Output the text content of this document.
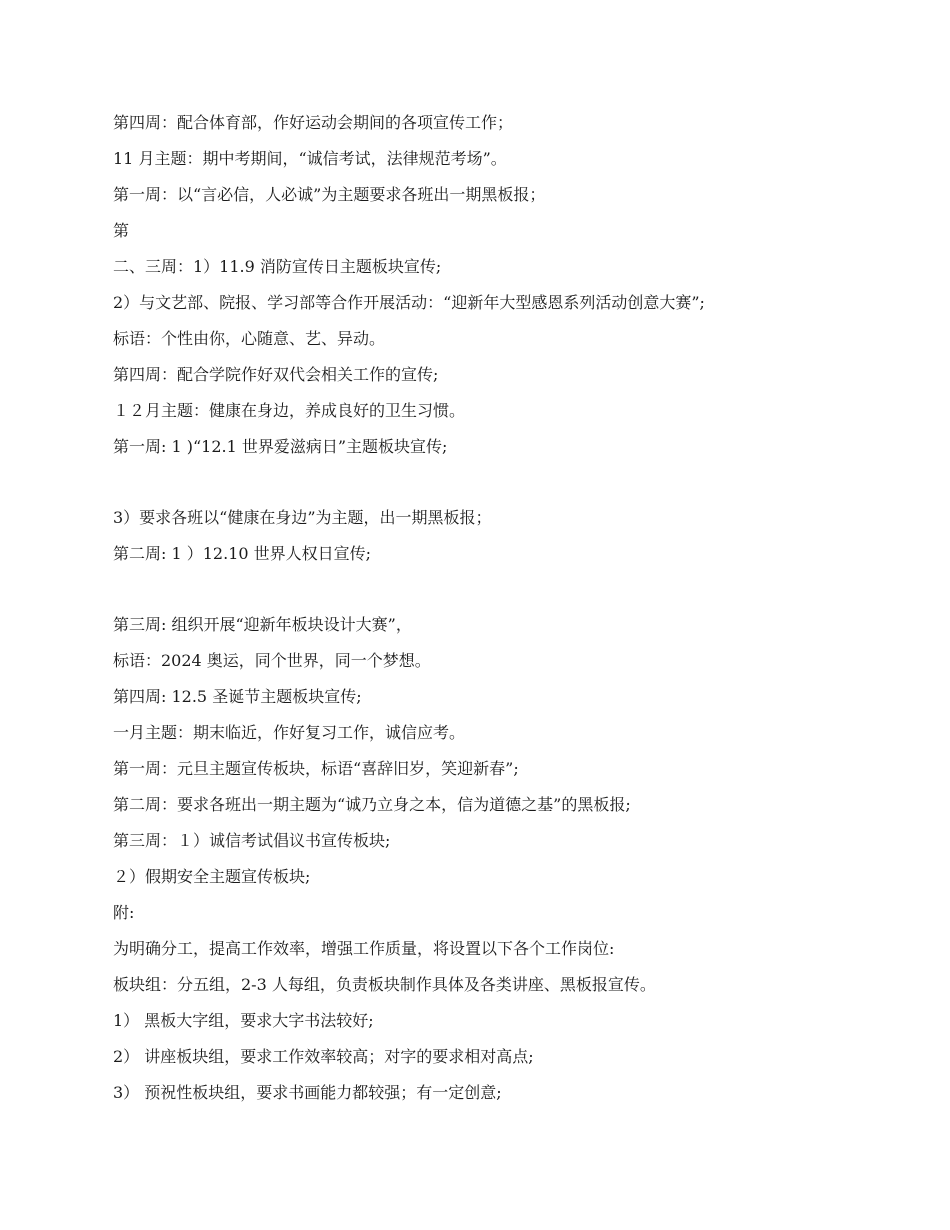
第四周：配合体育部，作好运动会期间的各项宣传工作；
11 月主题：期中考期间，“诚信考试，法律规范考场”。
第一周：以“言必信，人必诚”为主题要求各班出一期黑板报；
第
二、三周：1）11.9 消防宣传日主题板块宣传;
2）与文艺部、院报、学习部等合作开展活动：“迎新年大型感恩系列活动创意大赛”;
标语：个性由你，心随意、艺、异动。
第四周：配合学院作好双代会相关工作的宣传;
１２月主题：健康在身边，养成良好的卫生习惯。
第一周: 1 )“12.1 世界爱滋病日”主题板块宣传;
3）要求各班以“健康在身边”为主题，出一期黑板报；
第二周: 1 ）12.10 世界人权日宣传;
第三周: 组织开展“迎新年板块设计大赛”，
标语：2024 奥运，同个世界，同一个梦想。
第四周: 12.5 圣诞节主题板块宣传;
一月主题：期末临近，作好复习工作，诚信应考。
第一周：元旦主题宣传板块，标语“喜辞旧岁，笑迎新春”;
第二周：要求各班出一期主题为“诚乃立身之本，信为道德之基”的黑板报;
第三周：１）诚信考试倡议书宣传板块;
２）假期安全主题宣传板块;
附:
为明确分工，提高工作效率，增强工作质量，将设置以下各个工作岗位:
板块组：分五组，2-3 人每组，负责板块制作具体及各类讲座、黑板报宣传。
1） 黑板大字组，要求大字书法较好;
2） 讲座板块组，要求工作效率较高；对字的要求相对高点;
3） 预祝性板块组，要求书画能力都较强；有一定创意;
